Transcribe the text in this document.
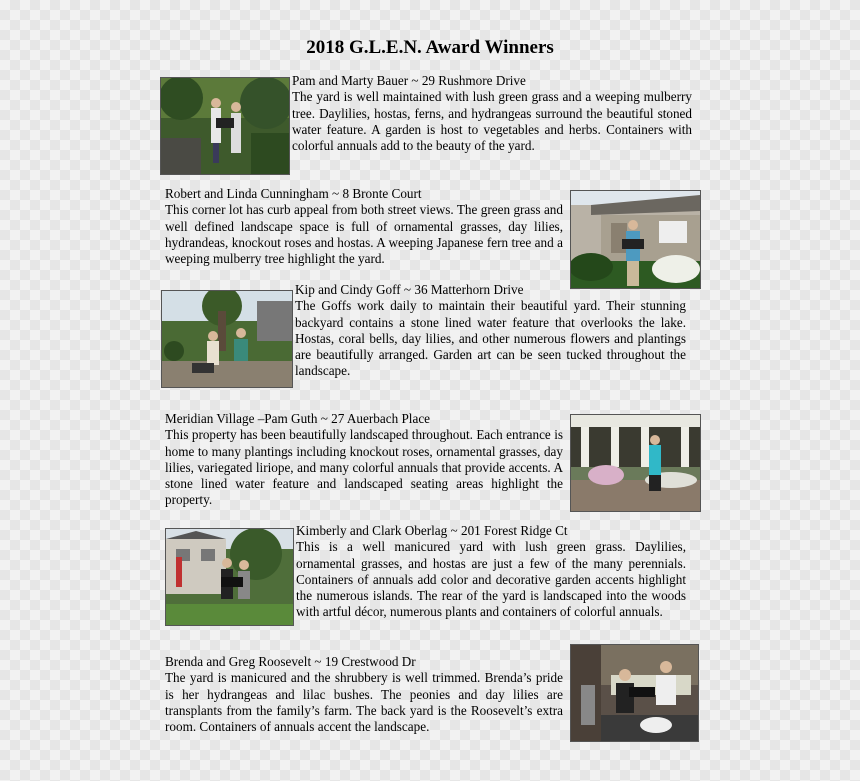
2018 G.L.E.N. Award Winners
Pam and Marty Bauer ~ 29 Rushmore Drive
The yard is well maintained with lush green grass and a weeping mulberry tree. Daylilies, hostas, ferns, and hydrangeas surround the beautiful stoned water feature. A garden is host to vegetables and herbs. Containers with colorful annuals add to the beauty of the yard.
Robert and Linda Cunningham ~ 8 Bronte Court
This corner lot has curb appeal from both street views. The green grass and well defined landscape space is full of ornamental grasses, day lilies, hydrandeas, knockout roses and hostas. A weeping Japanese fern tree and a weeping mulberry tree highlight the yard.
Kip and Cindy Goff ~ 36 Matterhorn Drive
The Goffs work daily to maintain their beautiful yard. Their stunning backyard contains a stone lined water feature that overlooks the lake. Hostas, coral bells, day lilies, and other numerous flowers and plantings are beautifully arranged. Garden art can be seen tucked throughout the landscape.
Meridian Village –Pam Guth ~ 27 Auerbach Place
This property has been beautifully landscaped throughout. Each entrance is home to many plantings including knockout roses, ornamental grasses, day lilies, variegated liriope, and many colorful annuals that provide accents. A stone lined water feature and landscaped seating areas highlight the property.
Kimberly and Clark Oberlag ~ 201 Forest Ridge Ct
This is a well manicured yard with lush green grass. Daylilies, ornamental grasses, and hostas are just a few of the many perennials. Containers of annuals add color and decorative garden accents highlight the numerous islands. The rear of the yard is landscaped into the woods with artful décor, numerous plants and containers of colorful annuals.
Brenda and Greg Roosevelt ~ 19 Crestwood Dr
The yard is manicured and the shrubbery is well trimmed. Brenda’s pride is her hydrangeas and lilac bushes. The peonies and day lilies are transplants from the family’s farm. The back yard is the Roosevelt’s extra room. Containers of annuals accent the landscape.
